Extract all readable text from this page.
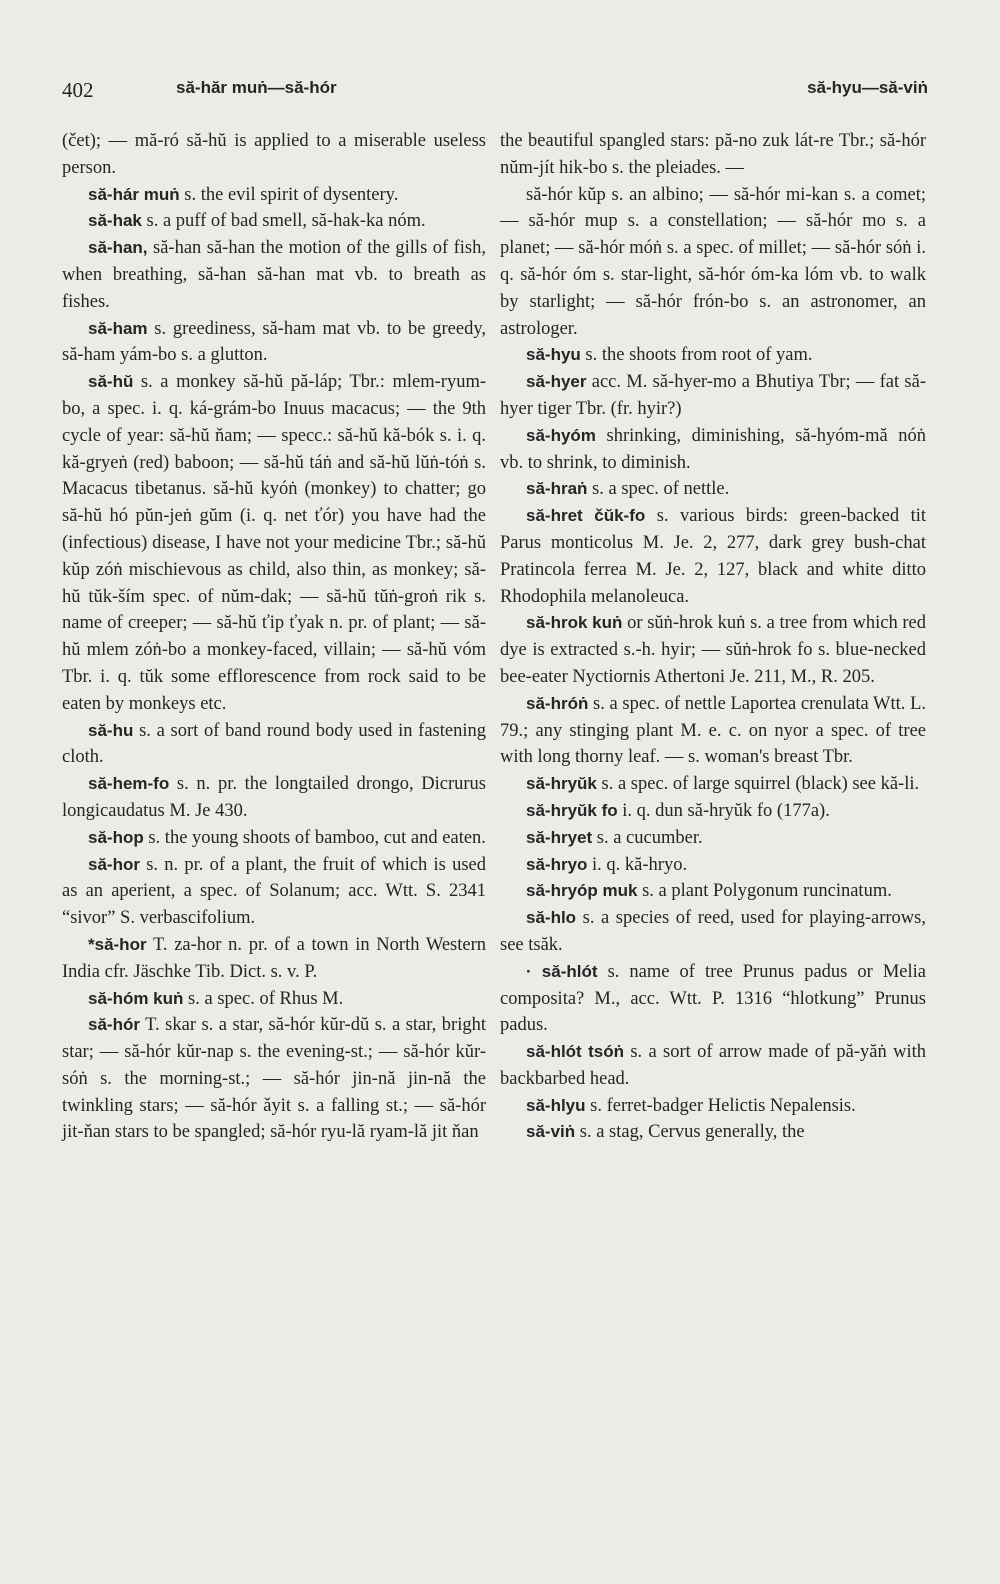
402	să-hăr muṅ—să-hór	să-hyu—să-viṅ

(čet); — mă-ró să-hŭ is applied to a miserable useless person.

să-hár muṅ s. the evil spirit of dysentery.

să-hak s. a puff of bad smell, să-hak-ka nóm.

să-han, să-han să-han the motion of the gills of fish, when breathing, să-han să-han mat vb. to breath as fishes.

să-ham s. greediness, să-ham mat vb. to be greedy, să-ham yám-bo s. a glutton.

să-hŭ s. a monkey să-hŭ pă-láp; Tbr.: mlem-ryum-bo, a spec. i. q. ká-grám-bo Inuus macacus; — the 9th cycle of year: să-hŭ ňam; — specc.: să-hŭ kă-bók s. i. q. kă-gryeṅ (red) baboon; — să-hŭ táṅ and să-hŭ lŭṅ-tóṅ s. Macacus tibetanus. să-hŭ kyóṅ (monkey) to chatter; go să-hŭ hó pŭn-jeṅ gŭm (i. q. net ťór) you have had the (infectious) disease, I have not your medicine Tbr.; să-hŭ kŭp zóṅ mischievous as child, also thin, as monkey; să-hŭ tŭk-ším spec. of nŭm-dak; — să-hŭ tŭṅ-groṅ rik s. name of creeper; — să-hŭ ťip ťyak n. pr. of plant; — să-hŭ mlem zóṅ-bo a monkey-faced, villain; — să-hŭ vóm Tbr. i. q. tŭk some efflorescence from rock said to be eaten by monkeys etc.

să-hu s. a sort of band round body used in fastening cloth.

să-hem-fo s. n. pr. the longtailed drongo, Dicrurus longicaudatus M. Je 430.

să-hop s. the young shoots of bamboo, cut and eaten.

să-hor s. n. pr. of a plant, the fruit of which is used as an aperient, a spec. of Solanum; acc. Wtt. S. 2341 “sivor” S. verbascifolium.

*să-hor T. za-hor n. pr. of a town in North Western India cfr. Jäschke Tib. Dict. s. v. P.

să-hóm kuṅ s. a spec. of Rhus M.

să-hór T. skar s. a star, să-hór kŭr-dŭ s. a star, bright star; — să-hór kŭr-nap s. the evening-st.; — să-hór kŭr-sóṅ s. the morning-st.; — să-hór jin-nă jin-nă the twinkling stars; — să-hór ǎyit s. a falling st.; — să-hór jit-ňan stars to be spangled; să-hór ryu-lă ryam-lă jit ňan

the beautiful spangled stars: pă-no zuk lát-re Tbr.; să-hór nŭm-jít hik-bo s. the pleiades. —

să-hór kŭp s. an albino; — să-hór mi-kan s. a comet; — să-hór mup s. a constellation; — să-hór mo s. a planet; — să-hór móṅ s. a spec. of millet; — să-hór sóṅ i. q. să-hór óm s. star-light, să-hór óm-ka lóm vb. to walk by starlight; — să-hór frón-bo s. an astronomer, an astrologer.

să-hyu s. the shoots from root of yam.

să-hyer acc. M. să-hyer-mo a Bhutiya Tbr; — fat să-hyer tiger Tbr. (fr. hyir?)

să-hyóm shrinking, diminishing, să-hyóm-mă nóṅ vb. to shrink, to diminish.

să-hraṅ s. a spec. of nettle.

să-hret čŭk-fo s. various birds: green-backed tit Parus monticolus M. Je. 2, 277, dark grey bush-chat Pratincola ferrea M. Je. 2, 127, black and white ditto Rhodophila melanoleuca.

să-hrok kuṅ or sŭṅ-hrok kuṅ s. a tree from which red dye is extracted s.-h. hyir; — sŭṅ-hrok fo s. blue-necked bee-eater Nyctiornis Athertoni Je. 211, M., R. 205.

să-hróṅ s. a spec. of nettle Laportea crenulata Wtt. L. 79.; any stinging plant M. e. c. on nyor a spec. of tree with long thorny leaf. — s. woman's breast Tbr.

să-hryŭk s. a spec. of large squirrel (black) see kă-li.

să-hryŭk fo i. q. dun să-hryŭk fo (177a).

să-hryet s. a cucumber.

să-hryo i. q. kă-hryo.

să-hryóp muk s. a plant Polygonum runcinatum.

să-hlo s. a species of reed, used for playing-arrows, see tsăk.

· să-hlót s. name of tree Prunus padus or Melia composita? M., acc. Wtt. P. 1316 “hlotkung” Prunus padus.

să-hlót tsóṅ s. a sort of arrow made of pă-yăṅ with backbarbed head.

să-hlyu s. ferret-badger Helictis Nepalensis.

să-viṅ s. a stag, Cervus generally, the
